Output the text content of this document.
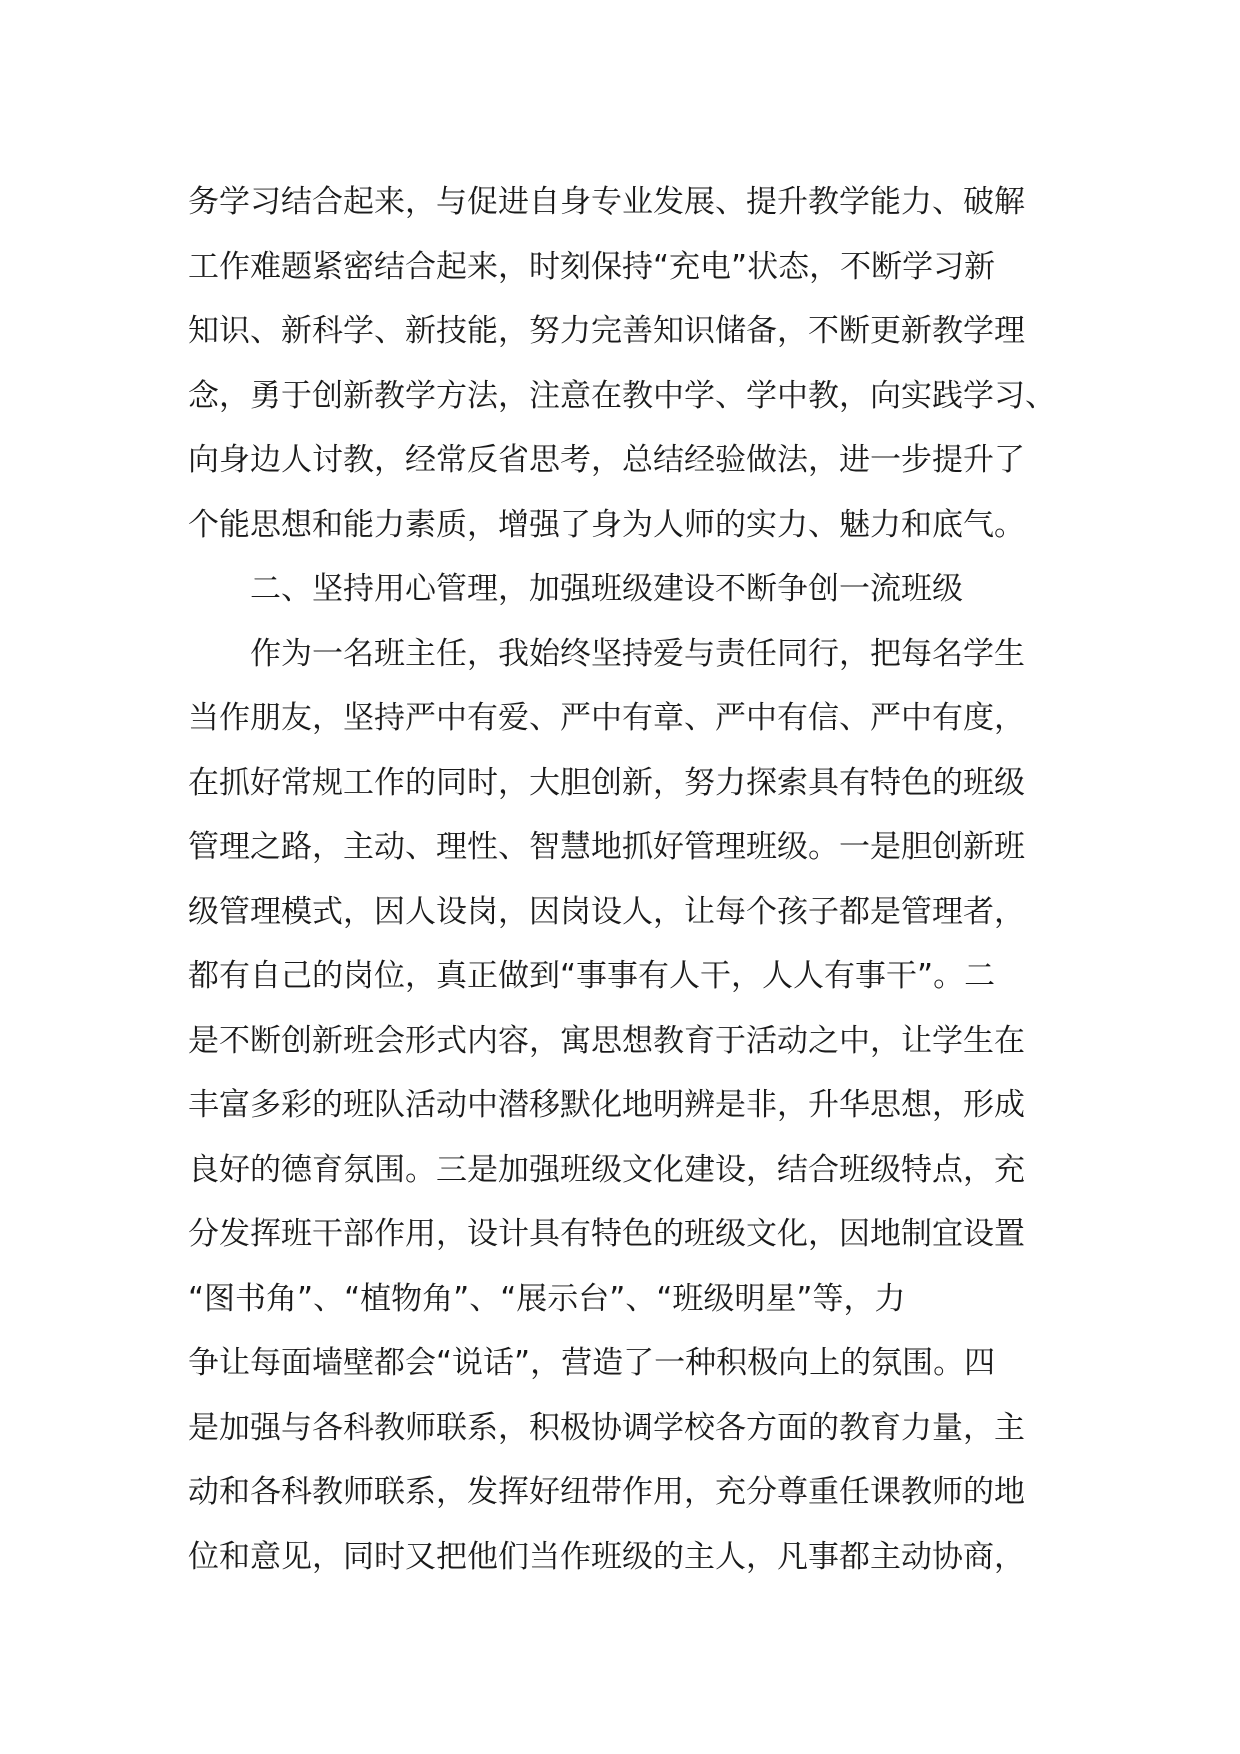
务学习结合起来，与促进自身专业发展、提升教学能力、破解
工作难题紧密结合起来，时刻保持“充电”状态，不断学习新
知识、新科学、新技能，努力完善知识储备，不断更新教学理
念，勇于创新教学方法，注意在教中学、学中教，向实践学习、
向身边人讨教，经常反省思考，总结经验做法，进一步提升了
个能思想和能力素质，增强了身为人师的实力、魅力和底气。
二、坚持用心管理，加强班级建设不断争创一流班级
作为一名班主任，我始终坚持爱与责任同行，把每名学生
当作朋友，坚持严中有爱、严中有章、严中有信、严中有度，
在抓好常规工作的同时，大胆创新，努力探索具有特色的班级
管理之路，主动、理性、智慧地抓好管理班级。一是胆创新班
级管理模式，因人设岗，因岗设人，让每个孩子都是管理者，
都有自己的岗位，真正做到“事事有人干，人人有事干”。二
是不断创新班会形式内容，寓思想教育于活动之中，让学生在
丰富多彩的班队活动中潜移默化地明辨是非，升华思想，形成
良好的德育氛围。三是加强班级文化建设，结合班级特点，充
分发挥班干部作用，设计具有特色的班级文化，因地制宜设置
“图书角”、“植物角”、“展示台”、“班级明星”等，力
争让每面墙壁都会“说话”，营造了一种积极向上的氛围。四
是加强与各科教师联系，积极协调学校各方面的教育力量，主
动和各科教师联系，发挥好纽带作用，充分尊重任课教师的地
位和意见，同时又把他们当作班级的主人，凡事都主动协商，
